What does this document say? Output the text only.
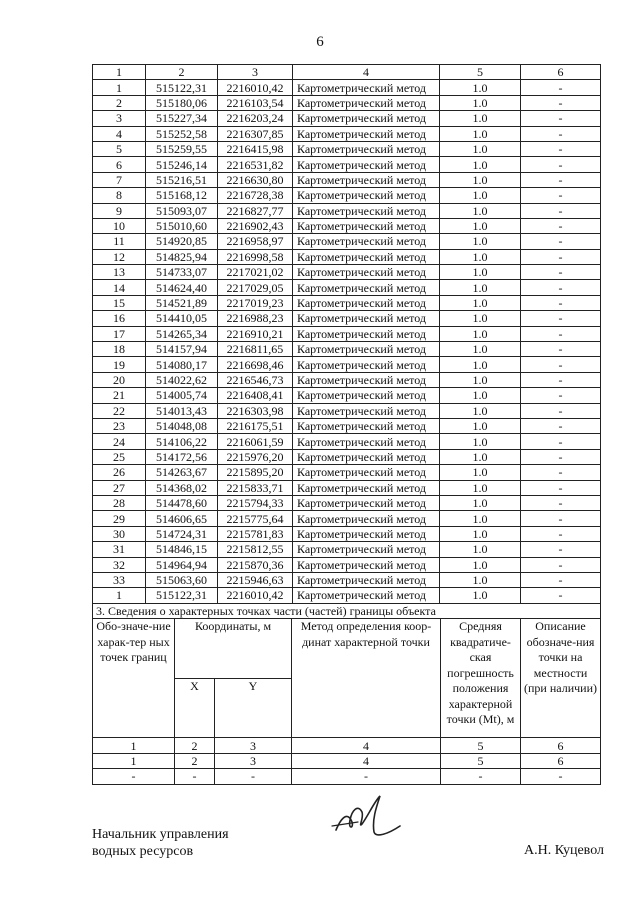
6
1	2	3	4	5	6
1	515122,31	2216010,42	Картометрический метод	1.0	-
2	515180,06	2216103,54	Картометрический метод	1.0	-
3	515227,34	2216203,24	Картометрический метод	1.0	-
4	515252,58	2216307,85	Картометрический метод	1.0	-
5	515259,55	2216415,98	Картометрический метод	1.0	-
6	515246,14	2216531,82	Картометрический метод	1.0	-
7	515216,51	2216630,80	Картометрический метод	1.0	-
8	515168,12	2216728,38	Картометрический метод	1.0	-
9	515093,07	2216827,77	Картометрический метод	1.0	-
10	515010,60	2216902,43	Картометрический метод	1.0	-
11	514920,85	2216958,97	Картометрический метод	1.0	-
12	514825,94	2216998,58	Картометрический метод	1.0	-
13	514733,07	2217021,02	Картометрический метод	1.0	-
14	514624,40	2217029,05	Картометрический метод	1.0	-
15	514521,89	2217019,23	Картометрический метод	1.0	-
16	514410,05	2216988,23	Картометрический метод	1.0	-
17	514265,34	2216910,21	Картометрический метод	1.0	-
18	514157,94	2216811,65	Картометрический метод	1.0	-
19	514080,17	2216698,46	Картометрический метод	1.0	-
20	514022,62	2216546,73	Картометрический метод	1.0	-
21	514005,74	2216408,41	Картометрический метод	1.0	-
22	514013,43	2216303,98	Картометрический метод	1.0	-
23	514048,08	2216175,51	Картометрический метод	1.0	-
24	514106,22	2216061,59	Картометрический метод	1.0	-
25	514172,56	2215976,20	Картометрический метод	1.0	-
26	514263,67	2215895,20	Картометрический метод	1.0	-
27	514368,02	2215833,71	Картометрический метод	1.0	-
28	514478,60	2215794,33	Картометрический метод	1.0	-
29	514606,65	2215775,64	Картометрический метод	1.0	-
30	514724,31	2215781,83	Картометрический метод	1.0	-
31	514846,15	2215812,55	Картометрический метод	1.0	-
32	514964,94	2215870,36	Картометрический метод	1.0	-
33	515063,60	2215946,63	Картометрический метод	1.0	-
1	515122,31	2216010,42	Картометрический метод	1.0	-
3. Сведения о характерных точках части (частей) границы объекта					
Обо-значе-ние харак-тер ных точек границ	Координаты, м		Метод определения коор-динат характерной точки	Средняя квадратиче-ская погрешность положения характерной точки (Mt), м	Описание обозначе-ния точки на местности (при наличии)
	X	Y			
1	2	3	4	5	6
1	2	3	4	5	6
-	-	-	-	-	-
Начальник управления
водных ресурсов	А.Н. Куцевол
